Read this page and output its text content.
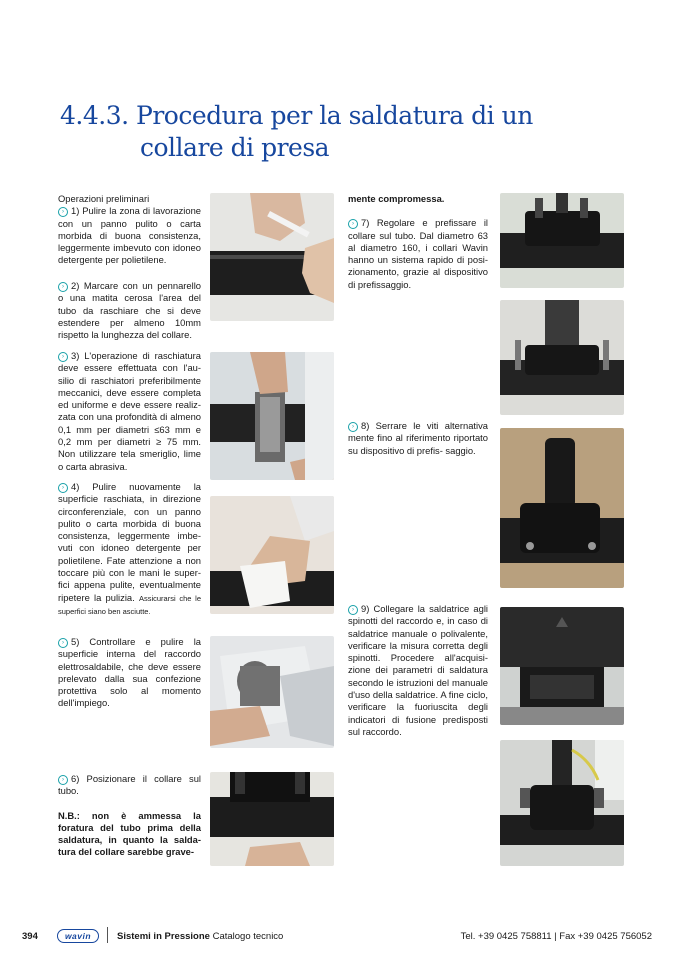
4.4.3. Procedura per la saldatura di un
collare di presa

Operazioni preliminari

› 1) Pulire la zona di lavorazione con un panno pulito o carta morbida di buona consistenza, leggermente imbevuto con idoneo detergente per polietilene.

› 2) Marcare con un pennarello o una matita cerosa l'area del tubo da raschiare che si deve estendere per almeno 10mm rispetto la lunghezza del collare.

› 3) L'operazione di raschiatura deve essere effettuata con l'au-silio di raschiatori preferibilmente meccanici, deve essere completa ed uniforme e deve essere realiz-zata con una profondità di almeno 0,1 mm per diametri ≤63 mm e 0,2 mm per diametri ≥ 75 mm. Non utilizzare tela smeriglio, lime o carta abrasiva.

› 4) Pulire nuovamente la superficie raschiata, in direzione circonferenziale, con un panno pulito o carta morbida di buona consistenza, leggermente imbe-vuti con idoneo detergente per polietilene. Fate attenzione a non toccare più con le mani le super-fici appena pulite, eventualmente ripetere la pulizia. Assicurarsi che le superfici siano ben asciutte.

› 5) Controllare e pulire la superficie interna del raccordo elettrosaldabile, che deve essere prelevato dalla sua confezione protettiva solo al momento dell'impiego.

› 6) Posizionare il collare sul tubo.

N.B.: non è ammessa la foratura del tubo prima della saldatura, in quanto la salda-tura del collare sarebbe grave-

mente compromessa.

› 7) Regolare e prefissare il collare sul tubo. Dal diametro 63 al diametro 160, i collari Wavin hanno un sistema rapido di posi-zionamento, grazie al dispositivo di prefissaggio.

› 8) Serrare le viti alternativa mente fino al riferimento riportato su dispositivo di prefis- saggio.

› 9) Collegare la saldatrice agli spinotti del raccordo e, in caso di saldatrice manuale o polivalente, verificare la misura corretta degli spinotti. Procedere all'acquisi-zione dei parametri di saldatura secondo le istruzioni del manuale d'uso della saldatrice. A fine ciclo, verificare la fuoriuscita degli indicatori di fusione predisposti sul raccordo.

394	wavin	Sistemi in Pressione Catalogo tecnico	Tel. +39 0425 758811 | Fax +39 0425 756052
